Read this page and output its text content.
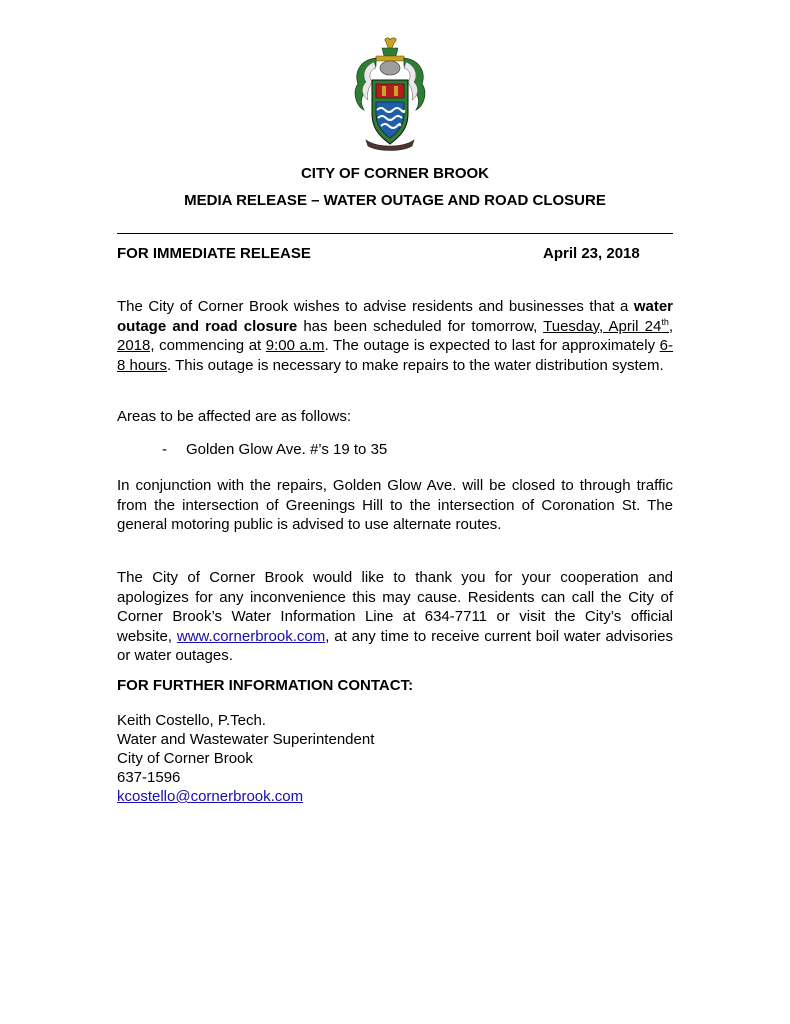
CITY OF CORNER BROOK
MEDIA RELEASE – WATER OUTAGE AND ROAD CLOSURE
FOR IMMEDIATE RELEASE	April 23, 2018
The City of Corner Brook wishes to advise residents and businesses that a water outage and road closure has been scheduled for tomorrow, Tuesday, April 24th, 2018, commencing at 9:00 a.m. The outage is expected to last for approximately 6-8 hours. This outage is necessary to make repairs to the water distribution system.
Areas to be affected are as follows:
- Golden Glow Ave. #’s 19 to 35
In conjunction with the repairs, Golden Glow Ave. will be closed to through traffic from the intersection of Greenings Hill to the intersection of Coronation St. The general motoring public is advised to use alternate routes.
The City of Corner Brook would like to thank you for your cooperation and apologizes for any inconvenience this may cause. Residents can call the City of Corner Brook’s Water Information Line at 634-7711 or visit the City’s official website, www.cornerbrook.com, at any time to receive current boil water advisories or water outages.
FOR FURTHER INFORMATION CONTACT:
Keith Costello, P.Tech.
Water and Wastewater Superintendent
City of Corner Brook
637-1596
kcostello@cornerbrook.com
